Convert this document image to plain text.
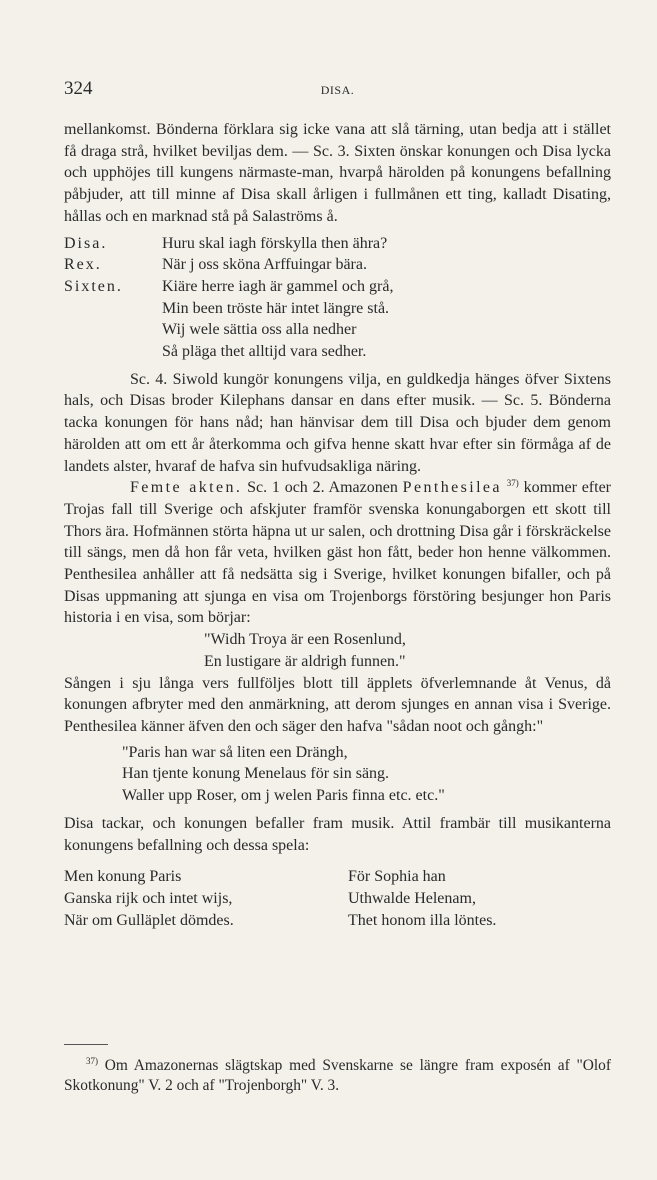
324	DISA.

mellankomst. Bönderna förklara sig icke vana att slå tärning, utan bedja att i stället få draga strå, hvilket beviljas dem. — Sc. 3. Sixten önskar konungen och Disa lycka och upphöjes till kungens närmaste-man, hvarpå härolden på konungens befallning påbjuder, att till minne af Disa skall årligen i fullmånen ett ting, kalladt Disating, hållas och en marknad stå på Salaströms å.

Disa.	Huru skal iagh förskylla then ähra?
Rex.	När j oss sköna Arffuingar bära.
Sixten.	Kiäre herre iagh är gammel och grå,
Min been tröste här intet längre stå.
Wij wele sättia oss alla nedher
Så pläga thet alltijd vara sedher.

Sc. 4. Siwold kungör konungens vilja, en guldkedja hänges öfver Sixtens hals, och Disas broder Kilephans dansar en dans efter musik. — Sc. 5. Bönderna tacka konungen för hans nåd; han hänvisar dem till Disa och bjuder dem genom härolden att om ett år återkomma och gifva henne skatt hvar efter sin förmåga af de landets alster, hvaraf de hafva sin hufvudsakliga näring.

Femte akten. Sc. 1 och 2. Amazonen Penthesilea $^{37)}$ kommer efter Trojas fall till Sverige och afskjuter framför svenska konungaborgen ett skott till Thors ära. Hofmännen störta häpna ut ur salen, och drottning Disa går i förskräckelse till sängs, men då hon får veta, hvilken gäst hon fått, beder hon henne välkommen. Penthesilea anhåller att få nedsätta sig i Sverige, hvilket konungen bifaller, och på Disas uppmaning att sjunga en visa om Trojenborgs förstöring besjunger hon Paris historia i en visa, som börjar:

"Widh Troya är een Rosenlund,

En lustigare är aldrigh funnen."

Sången i sju långa vers fullföljes blott till äpplets öfverlemnande åt Venus, då konungen afbryter med den anmärkning, att derom sjunges en annan visa i Sverige. Penthesilea känner äfven den och säger den hafva "sådan noot och gångh:"

"Paris han war så liten een Drängh,

Han tjente konung Menelaus för sin säng.

Waller upp Roser, om j welen Paris finna etc. etc."

Disa tackar, och konungen befaller fram musik. Attil frambär till musikanterna konungens befallning och dessa spela:

Men konung Paris
Ganska rijk och intet wijs,
När om Gulläplet dömdes.
För Sophia han
Uthwalde Helenam,
Thet honom illa löntes.

$^{37)}$ Om Amazonernas slägtskap med Svenskarne se längre fram exposén af "Olof Skotkonung" V. 2 och af "Trojenborgh" V. 3.
